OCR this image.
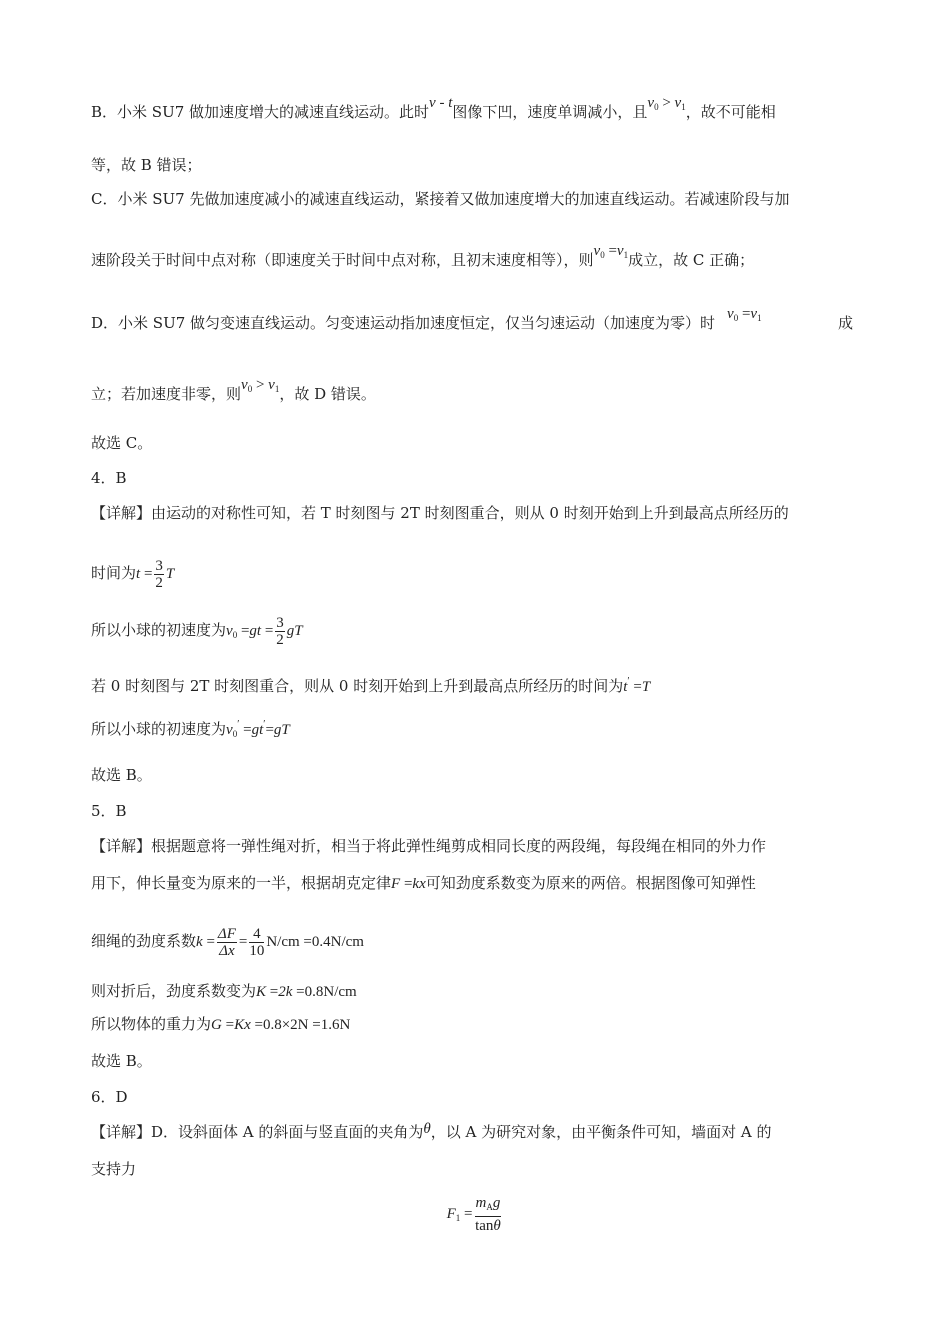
B．小米 SU7 做加速度增大的减速直线运动。此时v - t图像下凹，速度单调减小，且$v_0 > v_1$，故不可能相
等，故 B 错误；
C．小米 SU7 先做加速度减小的减速直线运动，紧接着又做加速度增大的加速直线运动。若减速阶段与加
速阶段关于时间中点对称（即速度关于时间中点对称，且初末速度相等），则$v_0 =v_1$成立，故 C 正确；
D．小米 SU7 做匀变速直线运动。匀变速运动指加速度恒定，仅当匀速运动（加速度为零）时 $v_0 =v_1$	成
立；若加速度非零，则$v_0 > v_1$，故 D 错误。
故选 C。
4．B
【详解】由运动的对称性可知，若 T 时刻图与 2T 时刻图重合，则从 0 时刻开始到上升到最高点所经历的
时间为$t = \frac{3}{2}$ T
所以小球的初速度为$v_0 =gt = \frac{3}{2}$ gT
若 0 时刻图与 2T 时刻图重合，则从 0 时刻开始到上升到最高点所经历的时间为t′ =T
所以小球的初速度为$v_0' =gt'=gT$
故选 B。
5．B
【详解】根据题意将一弹性绳对折，相当于将此弹性绳剪成相同长度的两段绳，每段绳在相同的外力作
用下，伸长量变为原来的一半，根据胡克定律F =kx可知劲度系数变为原来的两倍。根据图像可知弹性
细绳的劲度系数$k = \frac{\Delta F}{\Delta x} = \frac{4}{10} N/cm =0.4N/cm$
则对折后，劲度系数变为K =2k =0.8N/cm
所以物体的重力为G =Kx =0.8×2N =1.6N
故选 B。
6．D
【详解】D．设斜面体 A 的斜面与竖直面的夹角为θ，以 A 为研究对象，由平衡条件可知，墙面对 A 的
支持力
$F_1 = \frac{m_Ag}{\tan\theta}$
